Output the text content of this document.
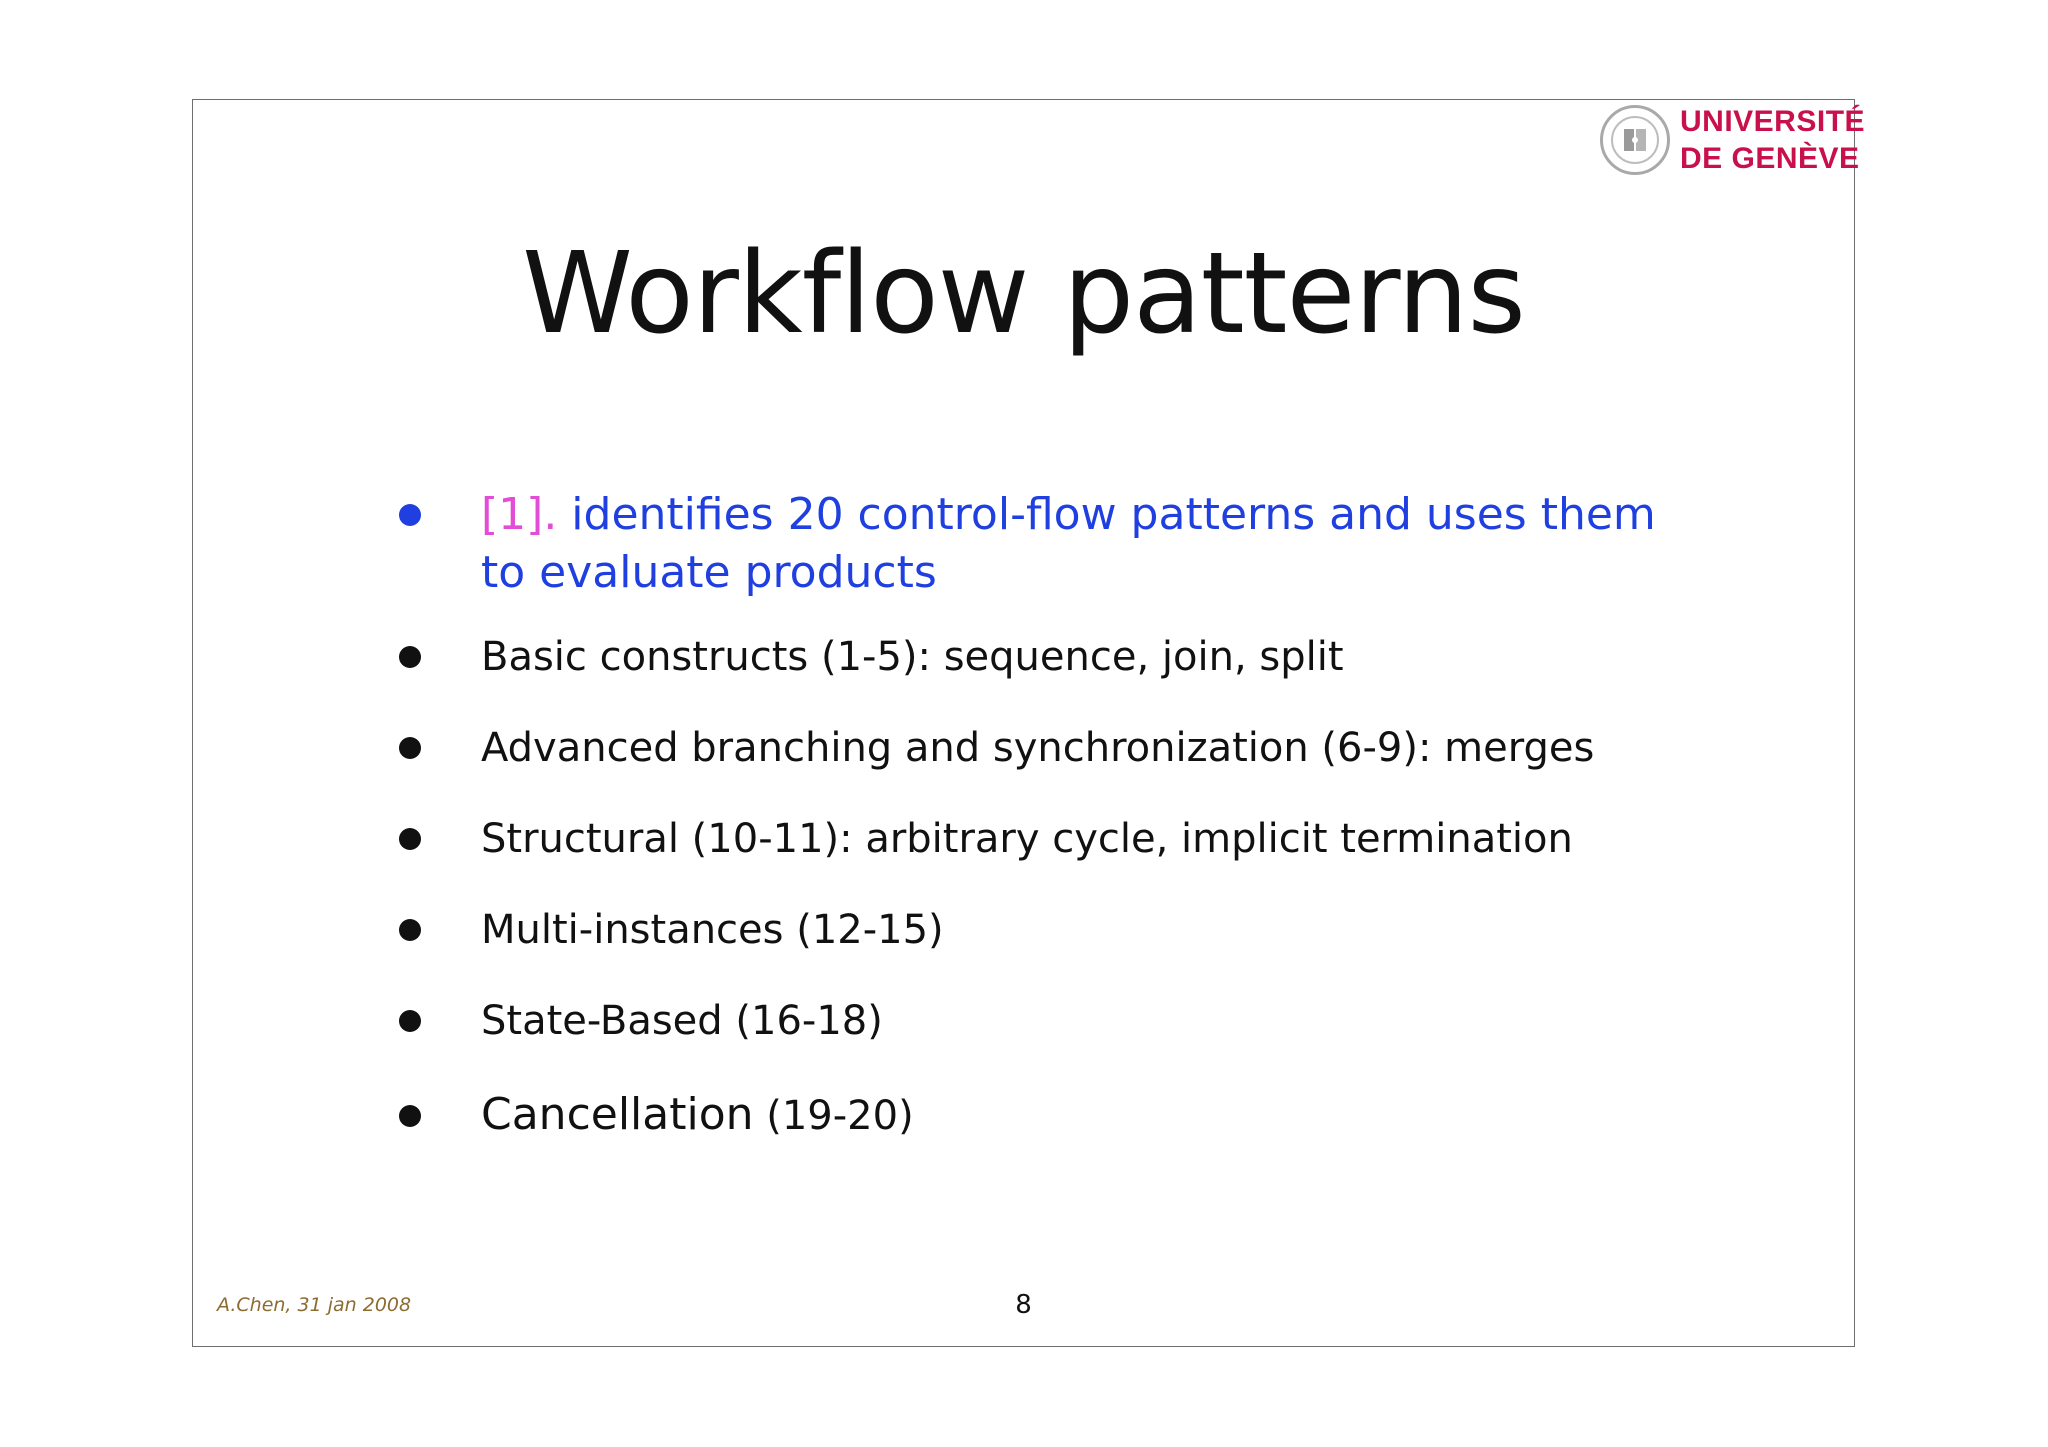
UNIVERSITÉ
DE GENÈVE
Workflow patterns
[1]. identifies 20 control-flow patterns and uses them to evaluate products
Basic constructs (1-5): sequence, join, split
Advanced branching and synchronization (6-9): merges
Structural (10-11): arbitrary cycle, implicit termination
Multi-instances (12-15)
State-Based (16-18)
Cancellation (19-20)
A.Chen, 31 jan 2008	8
